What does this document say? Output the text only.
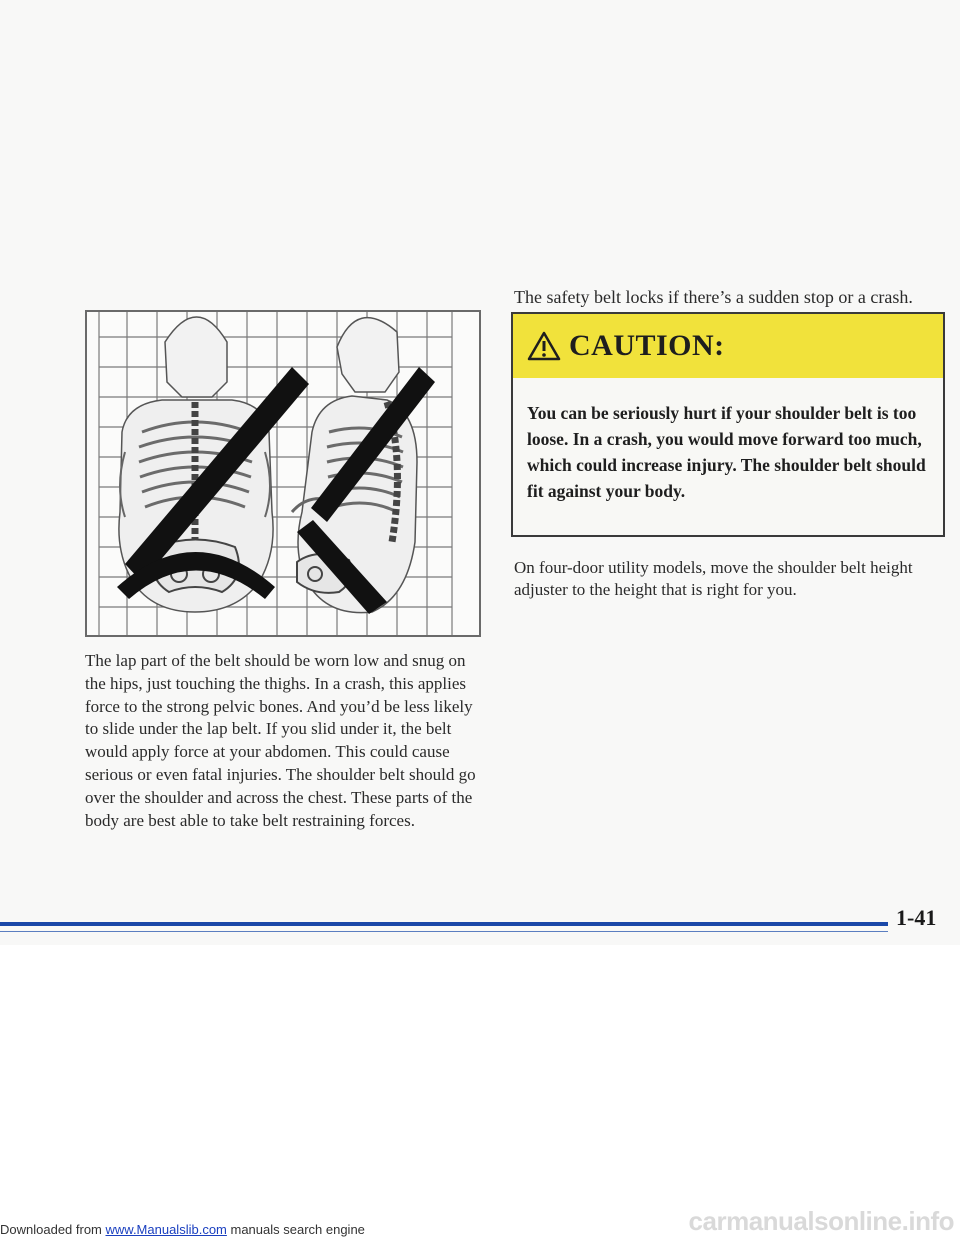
The lap part of the belt should be worn low and snug on the hips, just touching the thighs. In a crash, this applies force to the strong pelvic bones. And you’d be less likely to slide under the lap belt. If you slid under it, the belt would apply force at your abdomen. This could cause serious or even fatal injuries. The shoulder belt should go over the shoulder and across the chest. These parts of the body are best able to take belt restraining forces.

The safety belt locks if there’s a sudden stop or a crash.

CAUTION:

You can be seriously hurt if your shoulder belt is too loose. In a crash, you would move forward too much, which could increase injury. The shoulder belt should fit against your body.

On four-door utility models, move the shoulder belt height adjuster to the height that is right for you.

1-41
Downloaded from www.Manualslib.com manuals search engine	carmanualsonline.info
